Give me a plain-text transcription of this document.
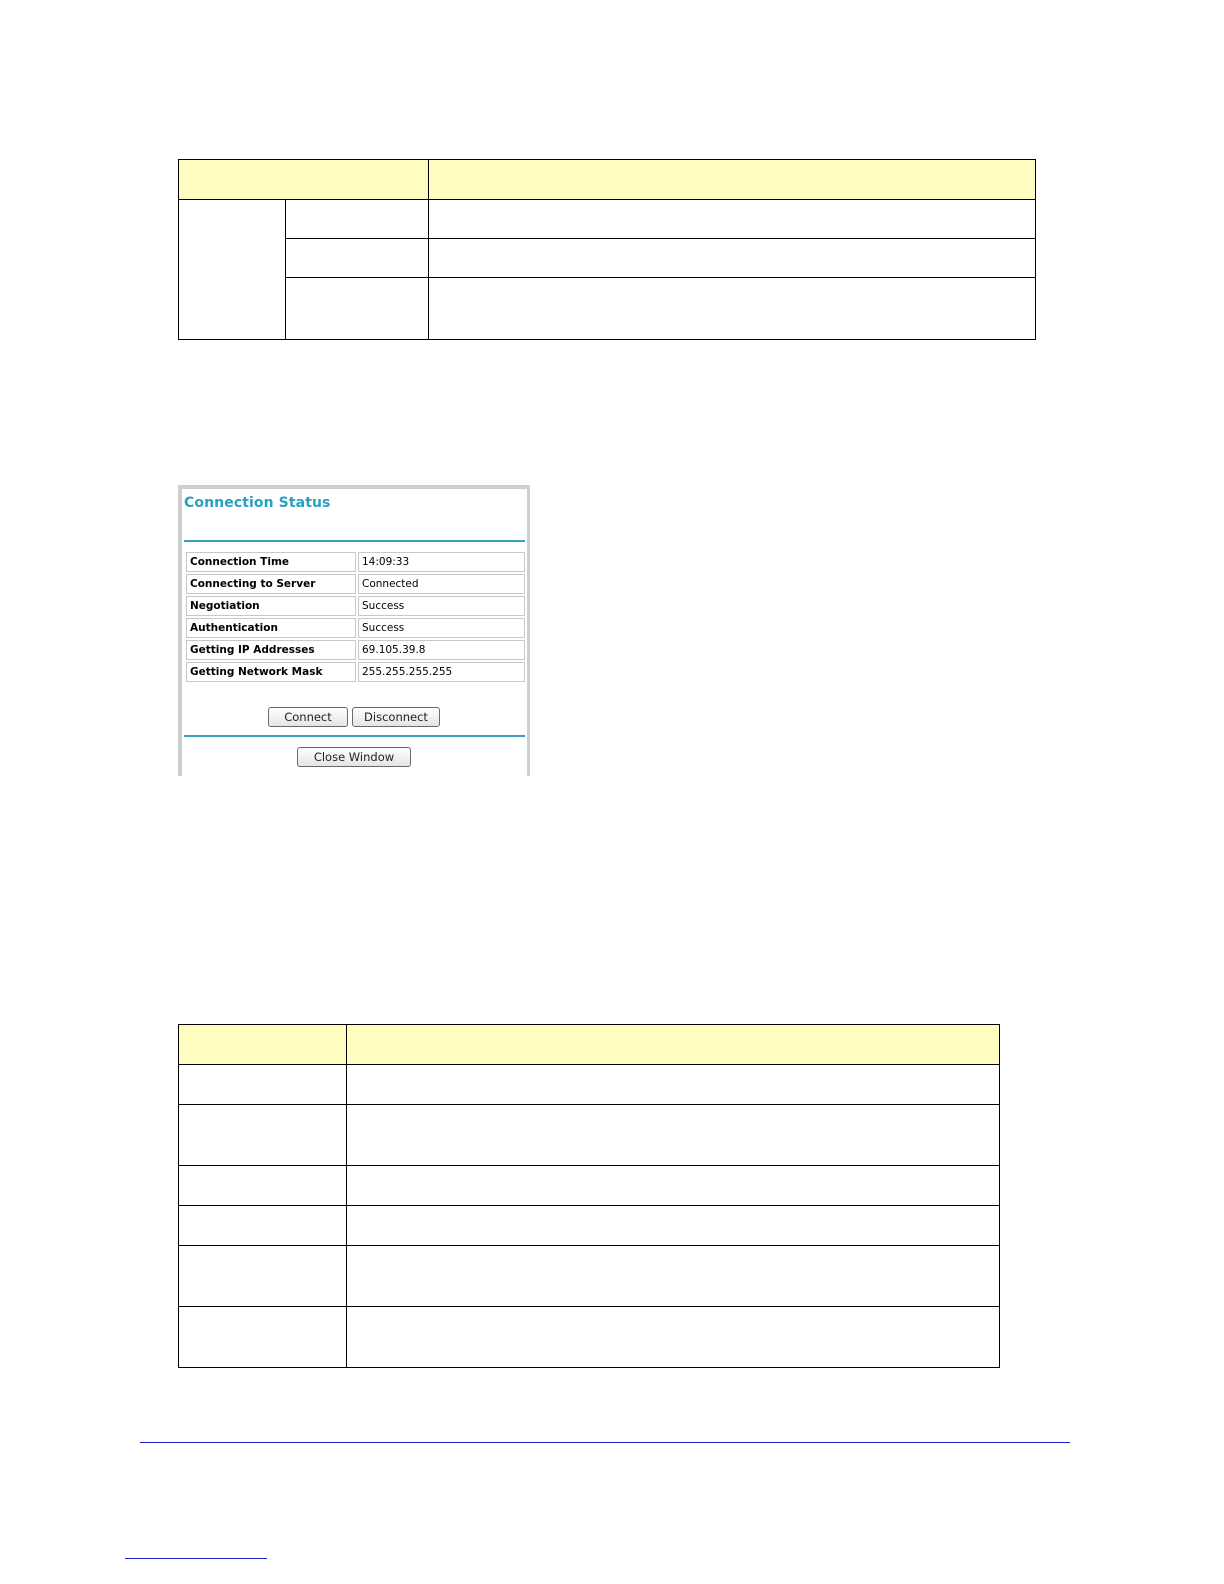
Connection Status
Connection Time	14:09:33
Connecting to Server	Connected
Negotiation	Success
Authentication	Success
Getting IP Addresses	69.105.39.8
Getting Network Mask	255.255.255.255
Connect	Disconnect
Close Window
